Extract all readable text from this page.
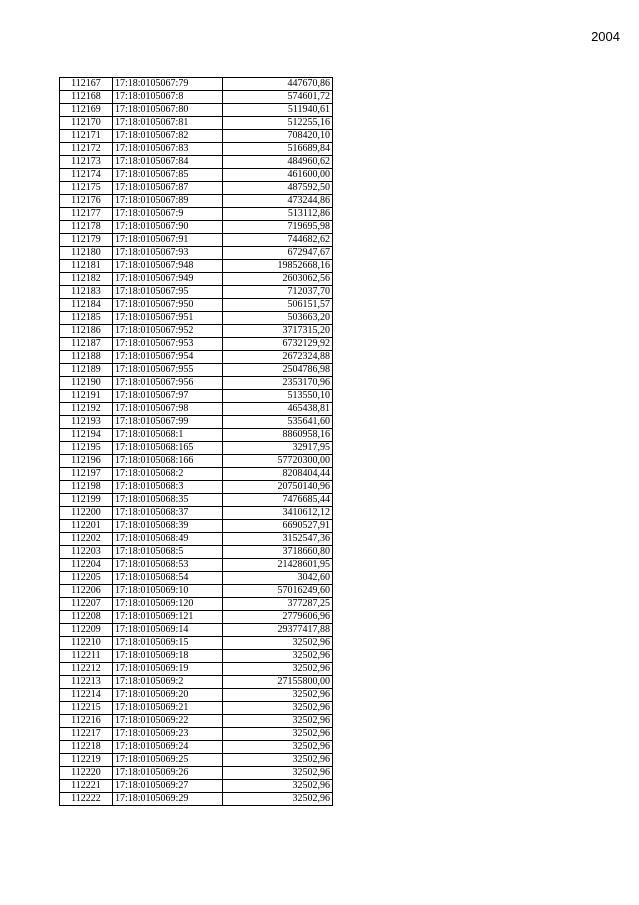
2004
112167	17:18:0105067:79	447670,86
112168	17:18:0105067:8	574601,72
112169	17:18:0105067:80	511940,61
112170	17:18:0105067:81	512255,16
112171	17:18:0105067:82	708420,10
112172	17:18:0105067:83	516689,84
112173	17:18:0105067:84	484960,62
112174	17:18:0105067:85	461600,00
112175	17:18:0105067:87	487592,50
112176	17:18:0105067:89	473244,86
112177	17:18:0105067:9	513112,86
112178	17:18:0105067:90	719695,98
112179	17:18:0105067:91	744682,62
112180	17:18:0105067:93	672947,67
112181	17:18:0105067:948	19852668,16
112182	17:18:0105067:949	2603062,56
112183	17:18:0105067:95	712037,70
112184	17:18:0105067:950	506151,57
112185	17:18:0105067:951	503663,20
112186	17:18:0105067:952	3717315,20
112187	17:18:0105067:953	6732129,92
112188	17:18:0105067:954	2672324,88
112189	17:18:0105067:955	2504786,98
112190	17:18:0105067:956	2353170,96
112191	17:18:0105067:97	513550,10
112192	17:18:0105067:98	465438,81
112193	17:18:0105067:99	535641,60
112194	17:18:0105068:1	8860958,16
112195	17:18:0105068:165	32917,95
112196	17:18:0105068:166	57720300,00
112197	17:18:0105068:2	8208404,44
112198	17:18:0105068:3	20750140,96
112199	17:18:0105068:35	7476685,44
112200	17:18:0105068:37	3410612,12
112201	17:18:0105068:39	6690527,91
112202	17:18:0105068:49	3152547,36
112203	17:18:0105068:5	3718660,80
112204	17:18:0105068:53	21428601,95
112205	17:18:0105068:54	3042,60
112206	17:18:0105069:10	57016249,60
112207	17:18:0105069:120	377287,25
112208	17:18:0105069:121	2779606,96
112209	17:18:0105069:14	29377417,88
112210	17:18:0105069:15	32502,96
112211	17:18:0105069:18	32502,96
112212	17:18:0105069:19	32502,96
112213	17:18:0105069:2	27155800,00
112214	17:18:0105069:20	32502,96
112215	17:18:0105069:21	32502,96
112216	17:18:0105069:22	32502,96
112217	17:18:0105069:23	32502,96
112218	17:18:0105069:24	32502,96
112219	17:18:0105069:25	32502,96
112220	17:18:0105069:26	32502,96
112221	17:18:0105069:27	32502,96
112222	17:18:0105069:29	32502,96
